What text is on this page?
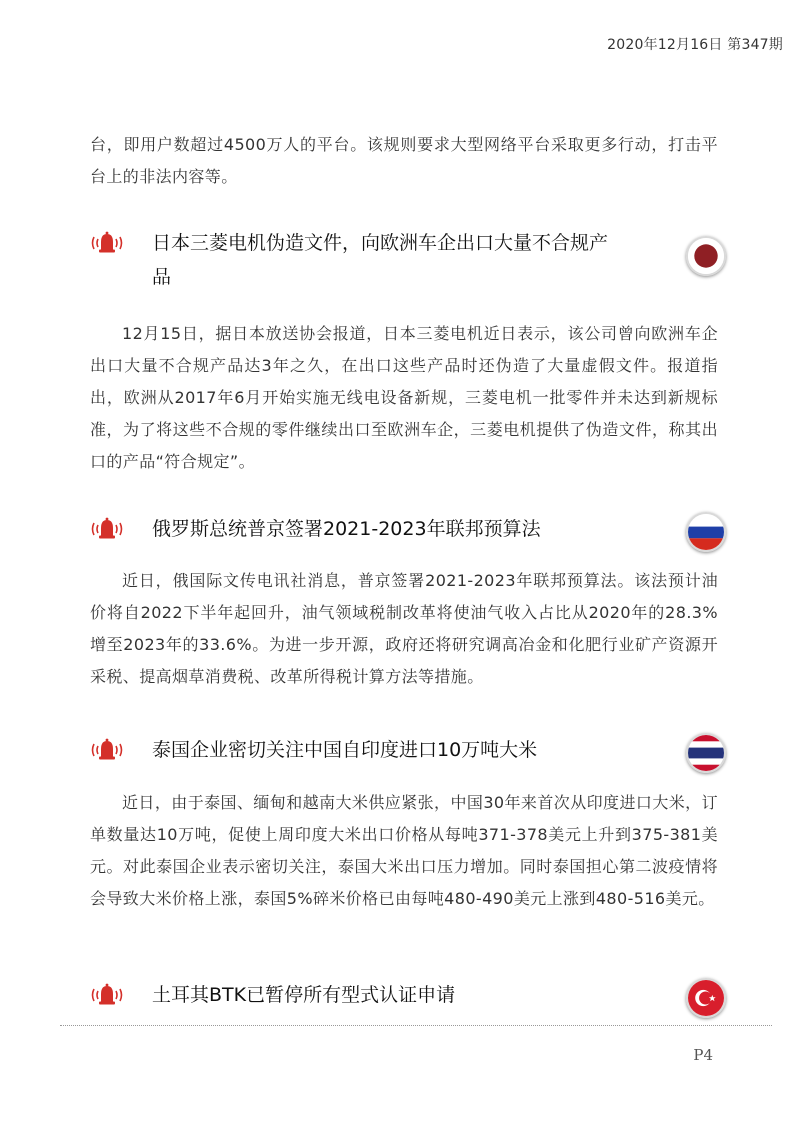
2020年12月16日 第347期

台，即用户数超过4500万人的平台。该规则要求大型网络平台采取更多行动，打击平台上的非法内容等。

日本三菱电机伪造文件，向欧洲车企出口大量不合规产品

12月15日，据日本放送协会报道，日本三菱电机近日表示，该公司曾向欧洲车企出口大量不合规产品达3年之久，在出口这些产品时还伪造了大量虚假文件。报道指出，欧洲从2017年6月开始实施无线电设备新规，三菱电机一批零件并未达到新规标准，为了将这些不合规的零件继续出口至欧洲车企，三菱电机提供了伪造文件，称其出口的产品“符合规定”。

俄罗斯总统普京签署2021-2023年联邦预算法

近日，俄国际文传电讯社消息，普京签署2021-2023年联邦预算法。该法预计油价将自2022下半年起回升，油气领域税制改革将使油气收入占比从2020年的28.3%增至2023年的33.6%。为进一步开源，政府还将研究调高冶金和化肥行业矿产资源开采税、提高烟草消费税、改革所得税计算方法等措施。

泰国企业密切关注中国自印度进口10万吨大米

近日，由于泰国、缅甸和越南大米供应紧张，中国30年来首次从印度进口大米，订单数量达10万吨，促使上周印度大米出口价格从每吨371-378美元上升到375-381美元。对此泰国企业表示密切关注，泰国大米出口压力增加。同时泰国担心第二波疫情将会导致大米价格上涨，泰国5%碎米价格已由每吨480-490美元上涨到480-516美元。

土耳其BTK已暂停所有型式认证申请
P4
